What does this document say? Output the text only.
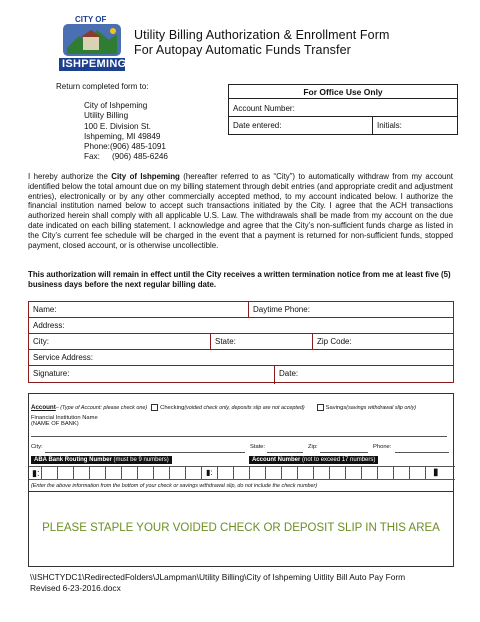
CITY OF
ISHPEMING
Utility Billing Authorization & Enrollment Form
For Autopay Automatic Funds Transfer
Return completed form to:
City of Ishpeming
Utility Billing
100 E. Division St.
Ishpeming, MI 49849
Phone: (906) 485-1091
Fax:	(906) 485-6246
For Office Use Only
Account Number:
Date entered:	Initials:
I hereby authorize the City of Ishpeming (hereafter referred to as “City”) to automatically withdraw from my account identified below the total amount due on my billing statement through debit entries (and appropriate credit and adjustment entries), electronically or by any other commercially accepted method, to my account indicated below. I authorize the financial institution named below to accept such transactions initiated by the City. I agree that the ACH transactions authorized herein shall comply with all applicable U.S. Law. The withdrawals shall be made from my account on the due date indicated on each billing statement. I acknowledge and agree that the City’s non-sufficient funds charge as listed in the City’s current fee schedule will be charged in the event that a payment is returned for non-sufficient funds, stopped payment, closed account, or is otherwise uncollectible.
This authorization will remain in effect until the City receives a written termination notice from me at least five (5) business days before the next regular billing date.
Name:	Daytime Phone:
Address:
City:	State:	Zip Code:
Service Address:
Signature:	Date:
Account – (Type of Account: please check one) Checking (voided check only, deposits slip are not accepted)	Savings (savings withdrawal slip only)
Financial Institution Name
(NAME OF BANK)
City:	State:	Zip:	Phone:
ABA Bank Routing Number (must be 9 numbers)	Account Number (not to exceed 17 numbers)
▮:	▮:	▮
(Enter the above information from the bottom of your check or savings withdrawal slip, do not include the check number)
PLEASE STAPLE YOUR VOIDED CHECK OR DEPOSIT SLIP IN THIS AREA
\\ISHCTYDC1\RedirectedFolders\JLampman\Utility Billing\City of Ishpeming Uitlity Bill Auto Pay Form
Revised 6-23-2016.docx
